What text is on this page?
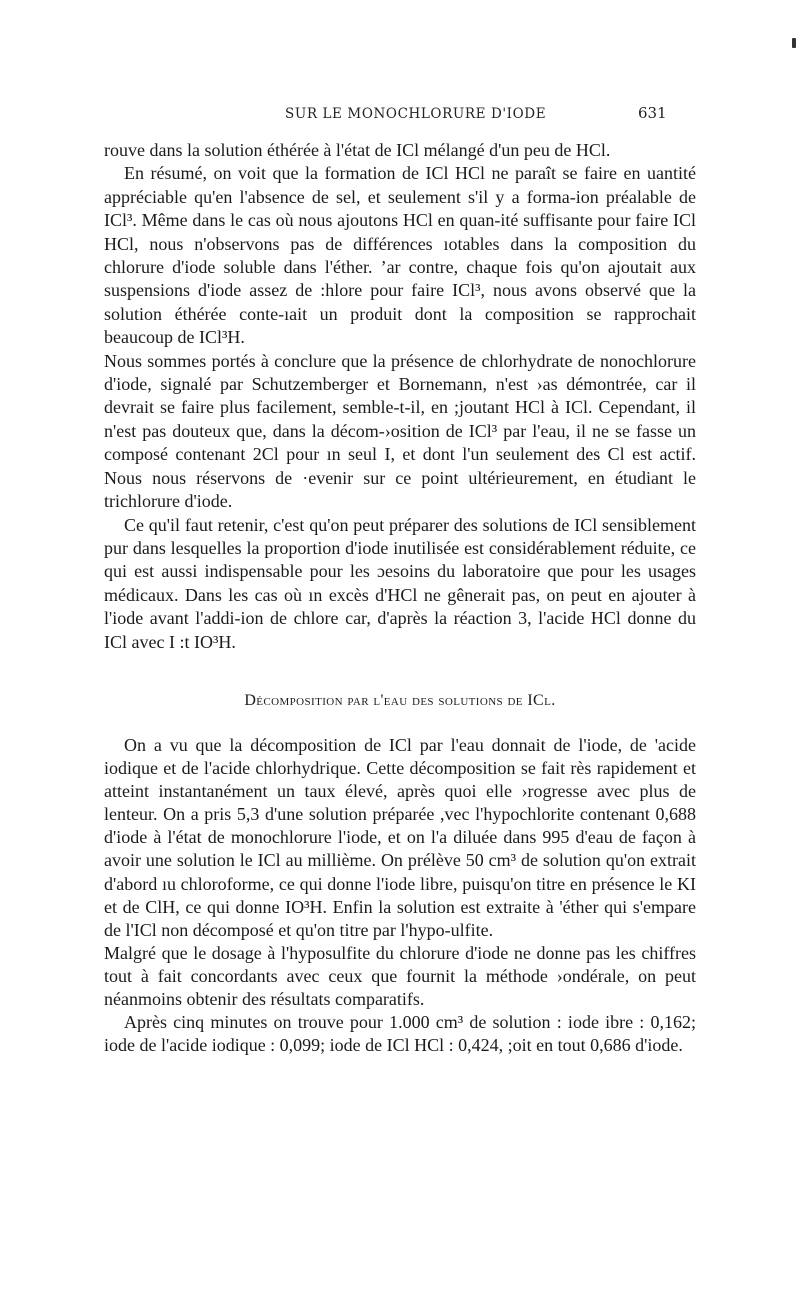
SUR LE MONOCHLORURE D'IODE	631

rouve dans la solution éthérée à l'état de ICl mélangé d'un peu de HCl.

En résumé, on voit que la formation de ICl HCl ne paraît se faire en uantité appréciable qu'en l'absence de sel, et seulement s'il y a forma-ion préalable de ICl³. Même dans le cas où nous ajoutons HCl en quan-ité suffisante pour faire ICl HCl, nous n'observons pas de différences ıotables dans la composition du chlorure d'iode soluble dans l'éther. ’ar contre, chaque fois qu'on ajoutait aux suspensions d'iode assez de :hlore pour faire ICl³, nous avons observé que la solution éthérée conte-ıait un produit dont la composition se rapprochait beaucoup de ICl³H.

Nous sommes portés à conclure que la présence de chlorhydrate de nonochlorure d'iode, signalé par Schutzemberger et Bornemann, n'est ›as démontrée, car il devrait se faire plus facilement, semble-t-il, en ;joutant HCl à ICl. Cependant, il n'est pas douteux que, dans la décom-›osition de ICl³ par l'eau, il ne se fasse un composé contenant 2Cl pour ın seul I, et dont l'un seulement des Cl est actif. Nous nous réservons de ·evenir sur ce point ultérieurement, en étudiant le trichlorure d'iode.

Ce qu'il faut retenir, c'est qu'on peut préparer des solutions de ICl sensiblement pur dans lesquelles la proportion d'iode inutilisée est considérablement réduite, ce qui est aussi indispensable pour les ɔesoins du laboratoire que pour les usages médicaux. Dans les cas où ın excès d'HCl ne gênerait pas, on peut en ajouter à l'iode avant l'addi-ion de chlore car, d'après la réaction 3, l'acide HCl donne du ICl avec I :t IO³H.

Décomposition par l'eau des solutions de ICl.

On a vu que la décomposition de ICl par l'eau donnait de l'iode, de 'acide iodique et de l'acide chlorhydrique. Cette décomposition se fait rès rapidement et atteint instantanément un taux élevé, après quoi elle ›rogresse avec plus de lenteur. On a pris 5,3 d'une solution préparée ,vec l'hypochlorite contenant 0,688 d'iode à l'état de monochlorure l'iode, et on l'a diluée dans 995 d'eau de façon à avoir une solution le ICl au millième. On prélève 50 cm³ de solution qu'on extrait d'abord ıu chloroforme, ce qui donne l'iode libre, puisqu'on titre en présence le KI et de ClH, ce qui donne IO³H. Enfin la solution est extraite à 'éther qui s'empare de l'ICl non décomposé et qu'on titre par l'hypo-ulfite.

Malgré que le dosage à l'hyposulfite du chlorure d'iode ne donne pas les chiffres tout à fait concordants avec ceux que fournit la méthode ›ondérale, on peut néanmoins obtenir des résultats comparatifs.

Après cinq minutes on trouve pour 1.000 cm³ de solution : iode ibre : 0,162; iode de l'acide iodique : 0,099; iode de ICl HCl : 0,424, ;oit en tout 0,686 d'iode.
